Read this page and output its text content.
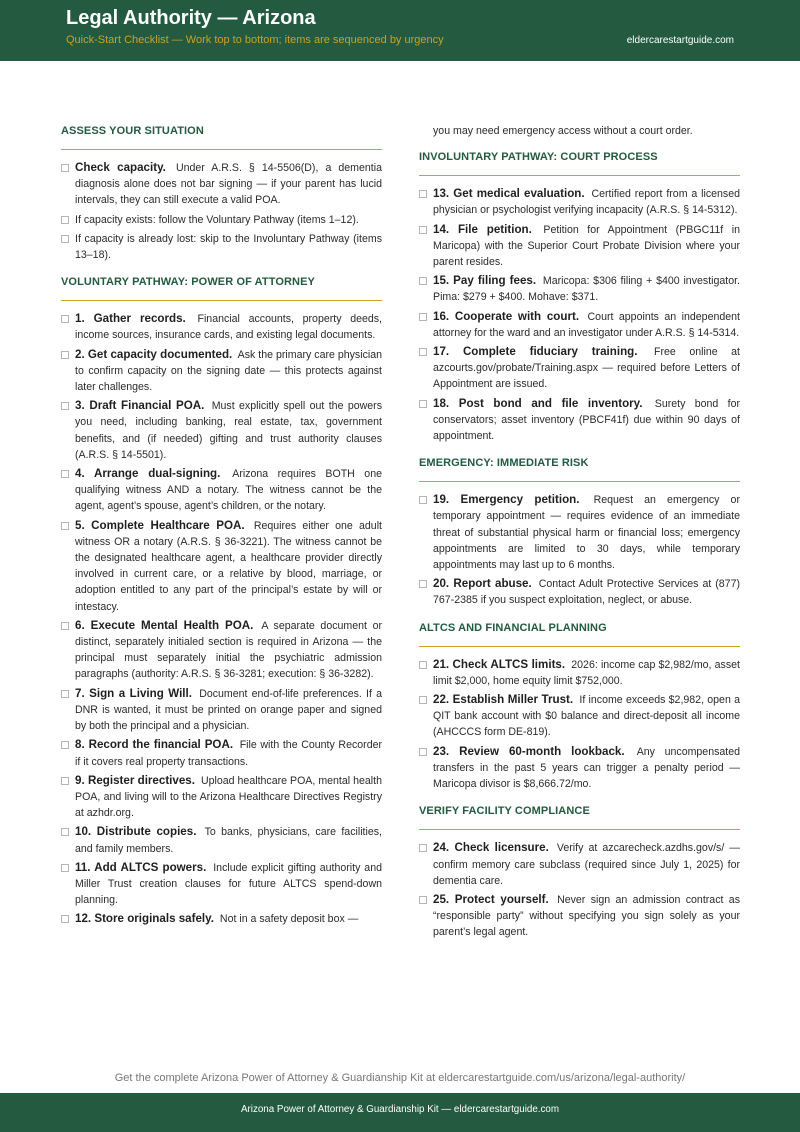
Legal Authority — Arizona
Quick-Start Checklist — Work top to bottom; items are sequenced by urgency	eldercarestartguide.com
ASSESS YOUR SITUATION
Check capacity. Under A.R.S. § 14-5506(D), a dementia diagnosis alone does not bar signing — if your parent has lucid intervals, they can still execute a valid POA.
If capacity exists: follow the Voluntary Pathway (items 1–12).
If capacity is already lost: skip to the Involuntary Pathway (items 13–18).
VOLUNTARY PATHWAY: POWER OF ATTORNEY
1. Gather records. Financial accounts, property deeds, income sources, insurance cards, and existing legal documents.
2. Get capacity documented. Ask the primary care physician to confirm capacity on the signing date — this protects against later challenges.
3. Draft Financial POA. Must explicitly spell out the powers you need, including banking, real estate, tax, government benefits, and (if needed) gifting and trust authority clauses (A.R.S. § 14-5501).
4. Arrange dual-signing. Arizona requires BOTH one qualifying witness AND a notary. The witness cannot be the agent, agent’s spouse, agent’s children, or the notary.
5. Complete Healthcare POA. Requires either one adult witness OR a notary (A.R.S. § 36-3221). The witness cannot be the designated healthcare agent, a healthcare provider directly involved in current care, or a relative by blood, marriage, or adoption entitled to any part of the principal’s estate by will or intestacy.
6. Execute Mental Health POA. A separate document or distinct, separately initialed section is required in Arizona — the principal must separately initial the psychiatric admission paragraphs (authority: A.R.S. § 36-3281; execution: § 36-3282).
7. Sign a Living Will. Document end-of-life preferences. If a DNR is wanted, it must be printed on orange paper and signed by both the principal and a physician.
8. Record the financial POA. File with the County Recorder if it covers real property transactions.
9. Register directives. Upload healthcare POA, mental health POA, and living will to the Arizona Healthcare Directives Registry at azhdr.org.
10. Distribute copies. To banks, physicians, care facilities, and family members.
11. Add ALTCS powers. Include explicit gifting authority and Miller Trust creation clauses for future ALTCS spend-down planning.
12. Store originals safely. Not in a safety deposit box —
you may need emergency access without a court order.
INVOLUNTARY PATHWAY: COURT PROCESS
13. Get medical evaluation. Certified report from a licensed physician or psychologist verifying incapacity (A.R.S. § 14-5312).
14. File petition. Petition for Appointment (PBGC11f in Maricopa) with the Superior Court Probate Division where your parent resides.
15. Pay filing fees. Maricopa: $306 filing + $400 investigator. Pima: $279 + $400. Mohave: $371.
16. Cooperate with court. Court appoints an independent attorney for the ward and an investigator under A.R.S. § 14-5314.
17. Complete fiduciary training. Free online at azcourts.gov/probate/Training.aspx — required before Letters of Appointment are issued.
18. Post bond and file inventory. Surety bond for conservators; asset inventory (PBCF41f) due within 90 days of appointment.
EMERGENCY: IMMEDIATE RISK
19. Emergency petition. Request an emergency or temporary appointment — requires evidence of an immediate threat of substantial physical harm or financial loss; emergency appointments are limited to 30 days, while temporary appointments may last up to 6 months.
20. Report abuse. Contact Adult Protective Services at (877) 767-2385 if you suspect exploitation, neglect, or abuse.
ALTCS AND FINANCIAL PLANNING
21. Check ALTCS limits. 2026: income cap $2,982/mo, asset limit $2,000, home equity limit $752,000.
22. Establish Miller Trust. If income exceeds $2,982, open a QIT bank account with $0 balance and direct-deposit all income (AHCCCS form DE-819).
23. Review 60-month lookback. Any uncompensated transfers in the past 5 years can trigger a penalty period — Maricopa divisor is $8,666.72/mo.
VERIFY FACILITY COMPLIANCE
24. Check licensure. Verify at azcarecheck.azdhs.gov/s/ — confirm memory care subclass (required since July 1, 2025) for dementia care.
25. Protect yourself. Never sign an admission contract as “responsible party” without specifying you sign solely as your parent’s legal agent.
Get the complete Arizona Power of Attorney & Guardianship Kit at eldercarestartguide.com/us/arizona/legal-authority/
Arizona Power of Attorney & Guardianship Kit — eldercarestartguide.com
